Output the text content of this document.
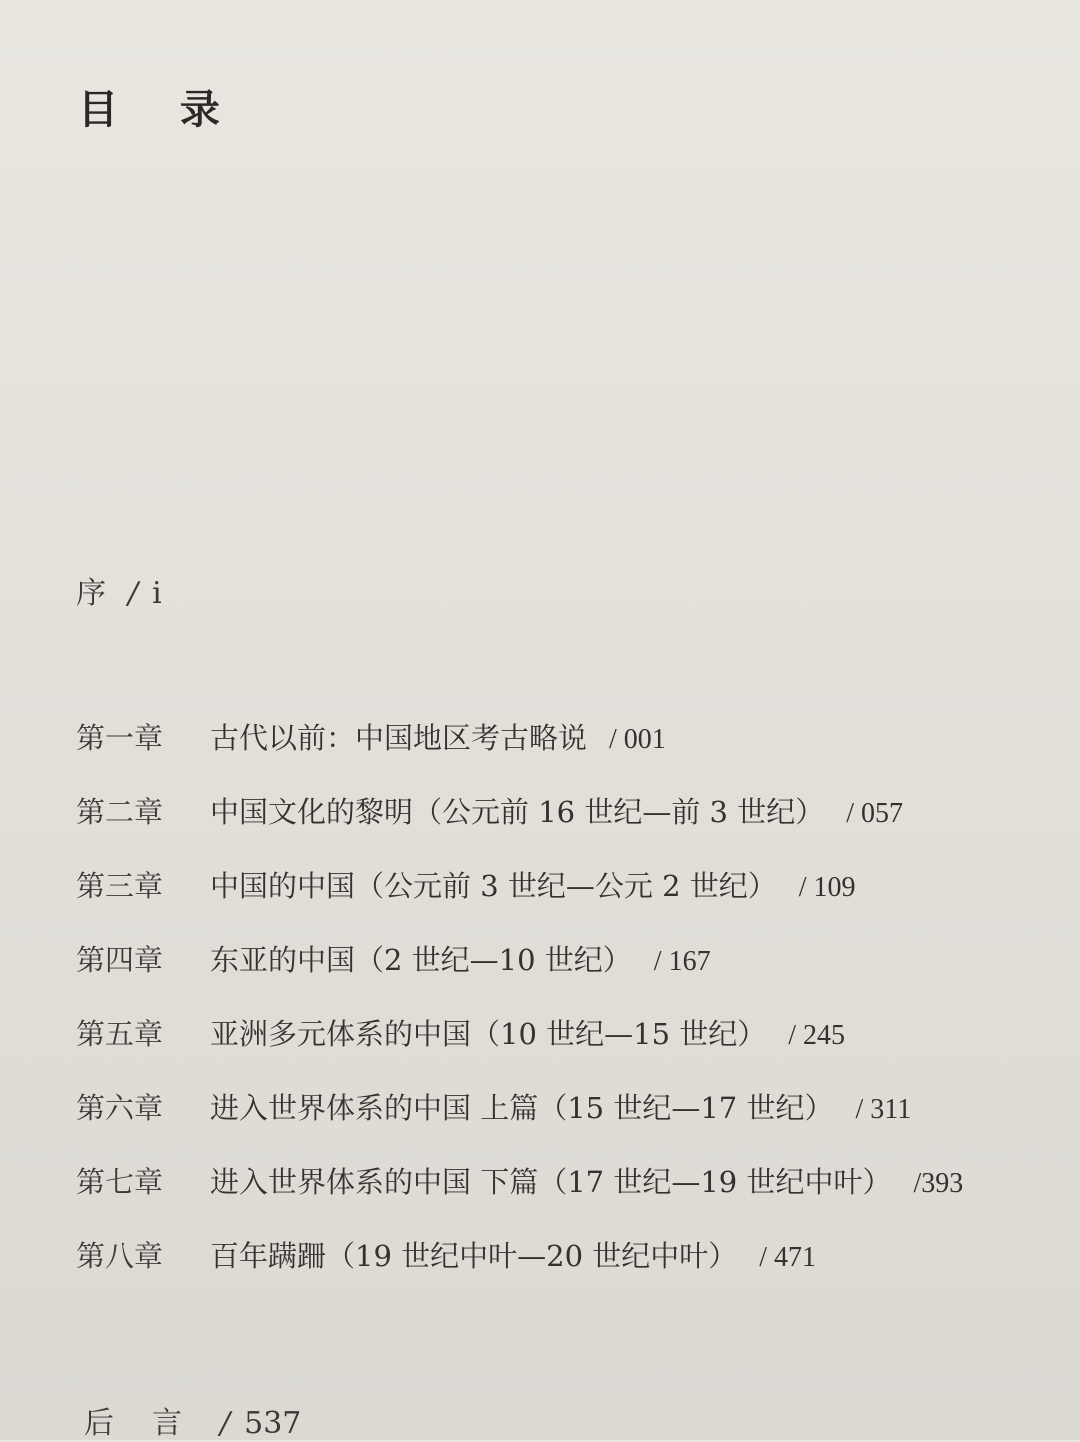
目 录
序 / i
第一章	古代以前：中国地区考古略说 / 001
第二章	中国文化的黎明（公元前 16 世纪—前 3 世纪） / 057
第三章	中国的中国（公元前 3 世纪—公元 2 世纪） / 109
第四章	东亚的中国（2 世纪—10 世纪） / 167
第五章	亚洲多元体系的中国（10 世纪—15 世纪） / 245
第六章	进入世界体系的中国 上篇（15 世纪—17 世纪） / 311
第七章	进入世界体系的中国 下篇（17 世纪—19 世纪中叶） /393
第八章	百年蹒跚（19 世纪中叶—20 世纪中叶） / 471
后言/ 537
